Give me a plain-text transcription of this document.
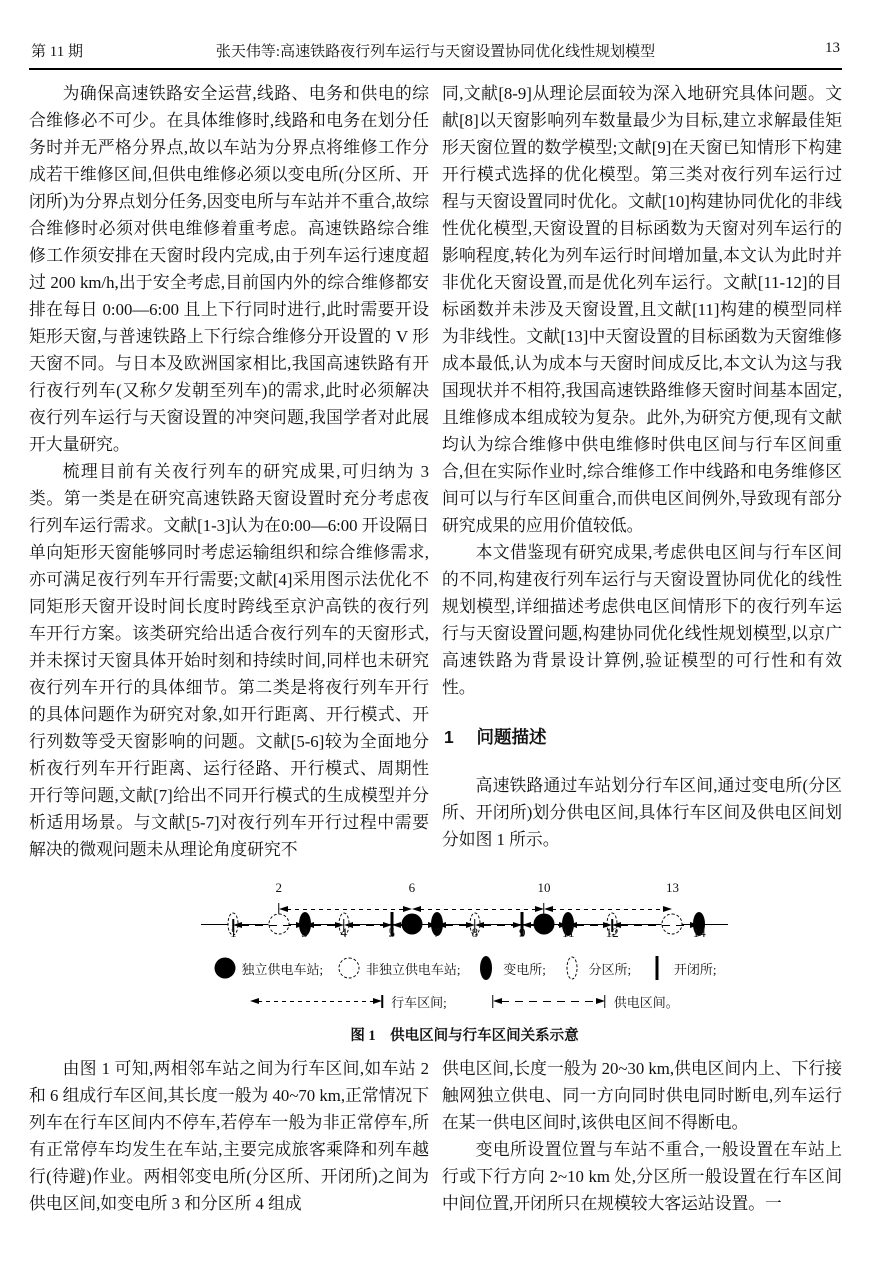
第 11 期	张天伟等:高速铁路夜行列车运行与天窗设置协同优化线性规划模型	13

为确保高速铁路安全运营,线路、电务和供电的综合维修必不可少。在具体维修时,线路和电务在划分任务时并无严格分界点,故以车站为分界点将维修工作分成若干维修区间,但供电维修必须以变电所(分区所、开闭所)为分界点划分任务,因变电所与车站并不重合,故综合维修时必须对供电维修着重考虑。高速铁路综合维修工作须安排在天窗时段内完成,由于列车运行速度超过 200 km/h,出于安全考虑,目前国内外的综合维修都安排在每日 0:00—6:00 且上下行同时进行,此时需要开设矩形天窗,与普速铁路上下行综合维修分开设置的 V 形天窗不同。与日本及欧洲国家相比,我国高速铁路有开行夜行列车(又称夕发朝至列车)的需求,此时必须解决夜行列车运行与天窗设置的冲突问题,我国学者对此展开大量研究。

梳理目前有关夜行列车的研究成果,可归纳为 3 类。第一类是在研究高速铁路天窗设置时充分考虑夜行列车运行需求。文献[1-3]认为在0:00—6:00 开设隔日单向矩形天窗能够同时考虑运输组织和综合维修需求,亦可满足夜行列车开行需要;文献[4]采用图示法优化不同矩形天窗开设时间长度时跨线至京沪高铁的夜行列车开行方案。该类研究给出适合夜行列车的天窗形式,并未探讨天窗具体开始时刻和持续时间,同样也未研究夜行列车开行的具体细节。第二类是将夜行列车开行的具体问题作为研究对象,如开行距离、开行模式、开行列数等受天窗影响的问题。文献[5-6]较为全面地分析夜行列车开行距离、运行径路、开行模式、周期性开行等问题,文献[7]给出不同开行模式的生成模型并分析适用场景。与文献[5-7]对夜行列车开行过程中需要解决的微观问题未从理论角度研究不

同,文献[8-9]从理论层面较为深入地研究具体问题。文献[8]以天窗影响列车数量最少为目标,建立求解最佳矩形天窗位置的数学模型;文献[9]在天窗已知情形下构建开行模式选择的优化模型。第三类对夜行列车运行过程与天窗设置同时优化。文献[10]构建协同优化的非线性优化模型,天窗设置的目标函数为天窗对列车运行的影响程度,转化为列车运行时间增加量,本文认为此时并非优化天窗设置,而是优化列车运行。文献[11-12]的目标函数并未涉及天窗设置,且文献[11]构建的模型同样为非线性。文献[13]中天窗设置的目标函数为天窗维修成本最低,认为成本与天窗时间成反比,本文认为这与我国现状并不相符,我国高速铁路维修天窗时间基本固定,且维修成本组成较为复杂。此外,为研究方便,现有文献均认为综合维修中供电维修时供电区间与行车区间重合,但在实际作业时,综合维修工作中线路和电务维修区间可以与行车区间重合,而供电区间例外,导致现有部分研究成果的应用价值较低。

本文借鉴现有研究成果,考虑供电区间与行车区间的不同,构建夜行列车运行与天窗设置协同优化的线性规划模型,详细描述考虑供电区间情形下的夜行列车运行与天窗设置问题,构建协同优化线性规划模型,以京广高速铁路为背景设计算例,验证模型的可行性和有效性。

1 问题描述

高速铁路通过车站划分行车区间,通过变电所(分区所、开闭所)划分供电区间,具体行车区间及供电区间划分如图 1 所示。

2	6	10	13
1	3	4	5	7 8	9	11 12	14
独立供电车站;	非独立供电车站;	变电所;	分区所;	开闭所;
行车区间;	供电区间。
图 1　供电区间与行车区间关系示意

由图 1 可知,两相邻车站之间为行车区间,如车站 2 和 6 组成行车区间,其长度一般为 40~70 km,正常情况下列车在行车区间内不停车,若停车一般为非正常停车,所有正常停车均发生在车站,主要完成旅客乘降和列车越行(待避)作业。两相邻变电所(分区所、开闭所)之间为供电区间,如变电所 3 和分区所 4 组成

供电区间,长度一般为 20~30 km,供电区间内上、下行接触网独立供电、同一方向同时供电同时断电,列车运行在某一供电区间时,该供电区间不得断电。

变电所设置位置与车站不重合,一般设置在车站上行或下行方向 2~10 km 处,分区所一般设置在行车区间中间位置,开闭所只在规模较大客运站设置。一
